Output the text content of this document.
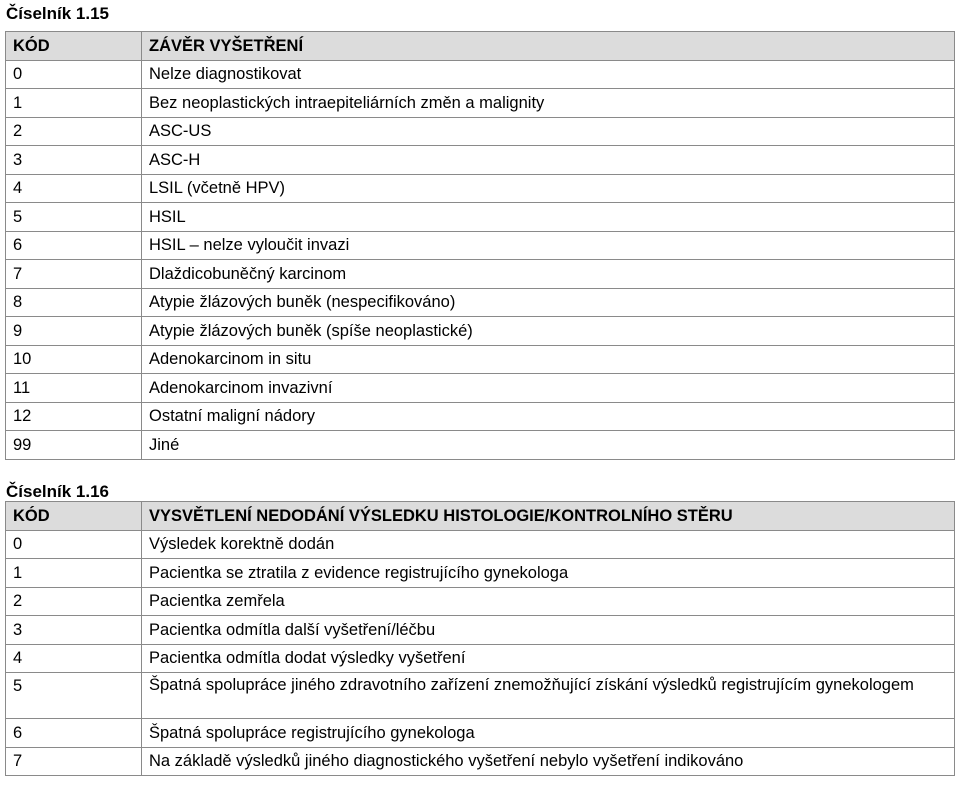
Číselník 1.15
KÓD	ZÁVĚR VYŠETŘENÍ
0	Nelze diagnostikovat
1	Bez neoplastických intraepiteliárních změn a malignity
2	ASC-US
3	ASC-H
4	LSIL (včetně HPV)
5	HSIL
6	HSIL – nelze vyloučit invazi
7	Dlaždicobuněčný karcinom
8	Atypie žlázových buněk (nespecifikováno)
9	Atypie žlázových buněk (spíše neoplastické)
10	Adenokarcinom in situ
11	Adenokarcinom invazivní
12	Ostatní maligní nádory
99	Jiné
Číselník 1.16
KÓD	VYSVĚTLENÍ NEDODÁNÍ VÝSLEDKU HISTOLOGIE/KONTROLNÍHO STĚRU
0	Výsledek korektně dodán
1	Pacientka se ztratila z evidence registrujícího gynekologa
2	Pacientka zemřela
3	Pacientka odmítla další vyšetření/léčbu
4	Pacientka odmítla dodat výsledky vyšetření
5	Špatná spolupráce jiného zdravotního zařízení znemožňující získání výsledků registrujícím gynekologem
6	Špatná spolupráce registrujícího gynekologa
7	Na základě výsledků jiného diagnostického vyšetření nebylo vyšetření indikováno
